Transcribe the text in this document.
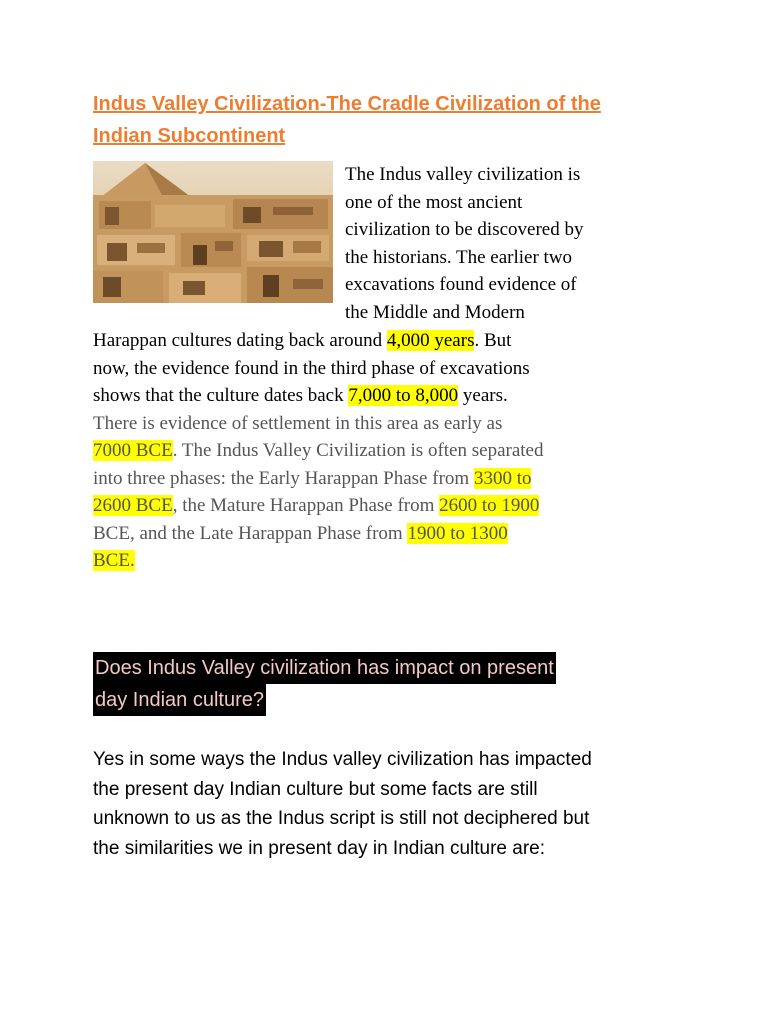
Indus Valley Civilization-The Cradle Civilization of the
Indian Subcontinent
The Indus valley civilization is
one of the most ancient
civilization to be discovered by
the historians. The earlier two
excavations found evidence of
the Middle and Modern
Harappan cultures dating back around 4,000 years. But
now, the evidence found in the third phase of excavations
shows that the culture dates back 7,000 to 8,000 years.
There is evidence of settlement in this area as early as
7000 BCE. The Indus Valley Civilization is often separated
into three phases: the Early Harappan Phase from 3300 to
2600 BCE, the Mature Harappan Phase from 2600 to 1900
BCE, and the Late Harappan Phase from 1900 to 1300
BCE.
Does Indus Valley civilization has impact on present
day Indian culture?
Yes in some ways the Indus valley civilization has impacted
the present day Indian culture but some facts are still
unknown to us as the Indus script is still not deciphered but
the similarities we in present day in Indian culture are:
